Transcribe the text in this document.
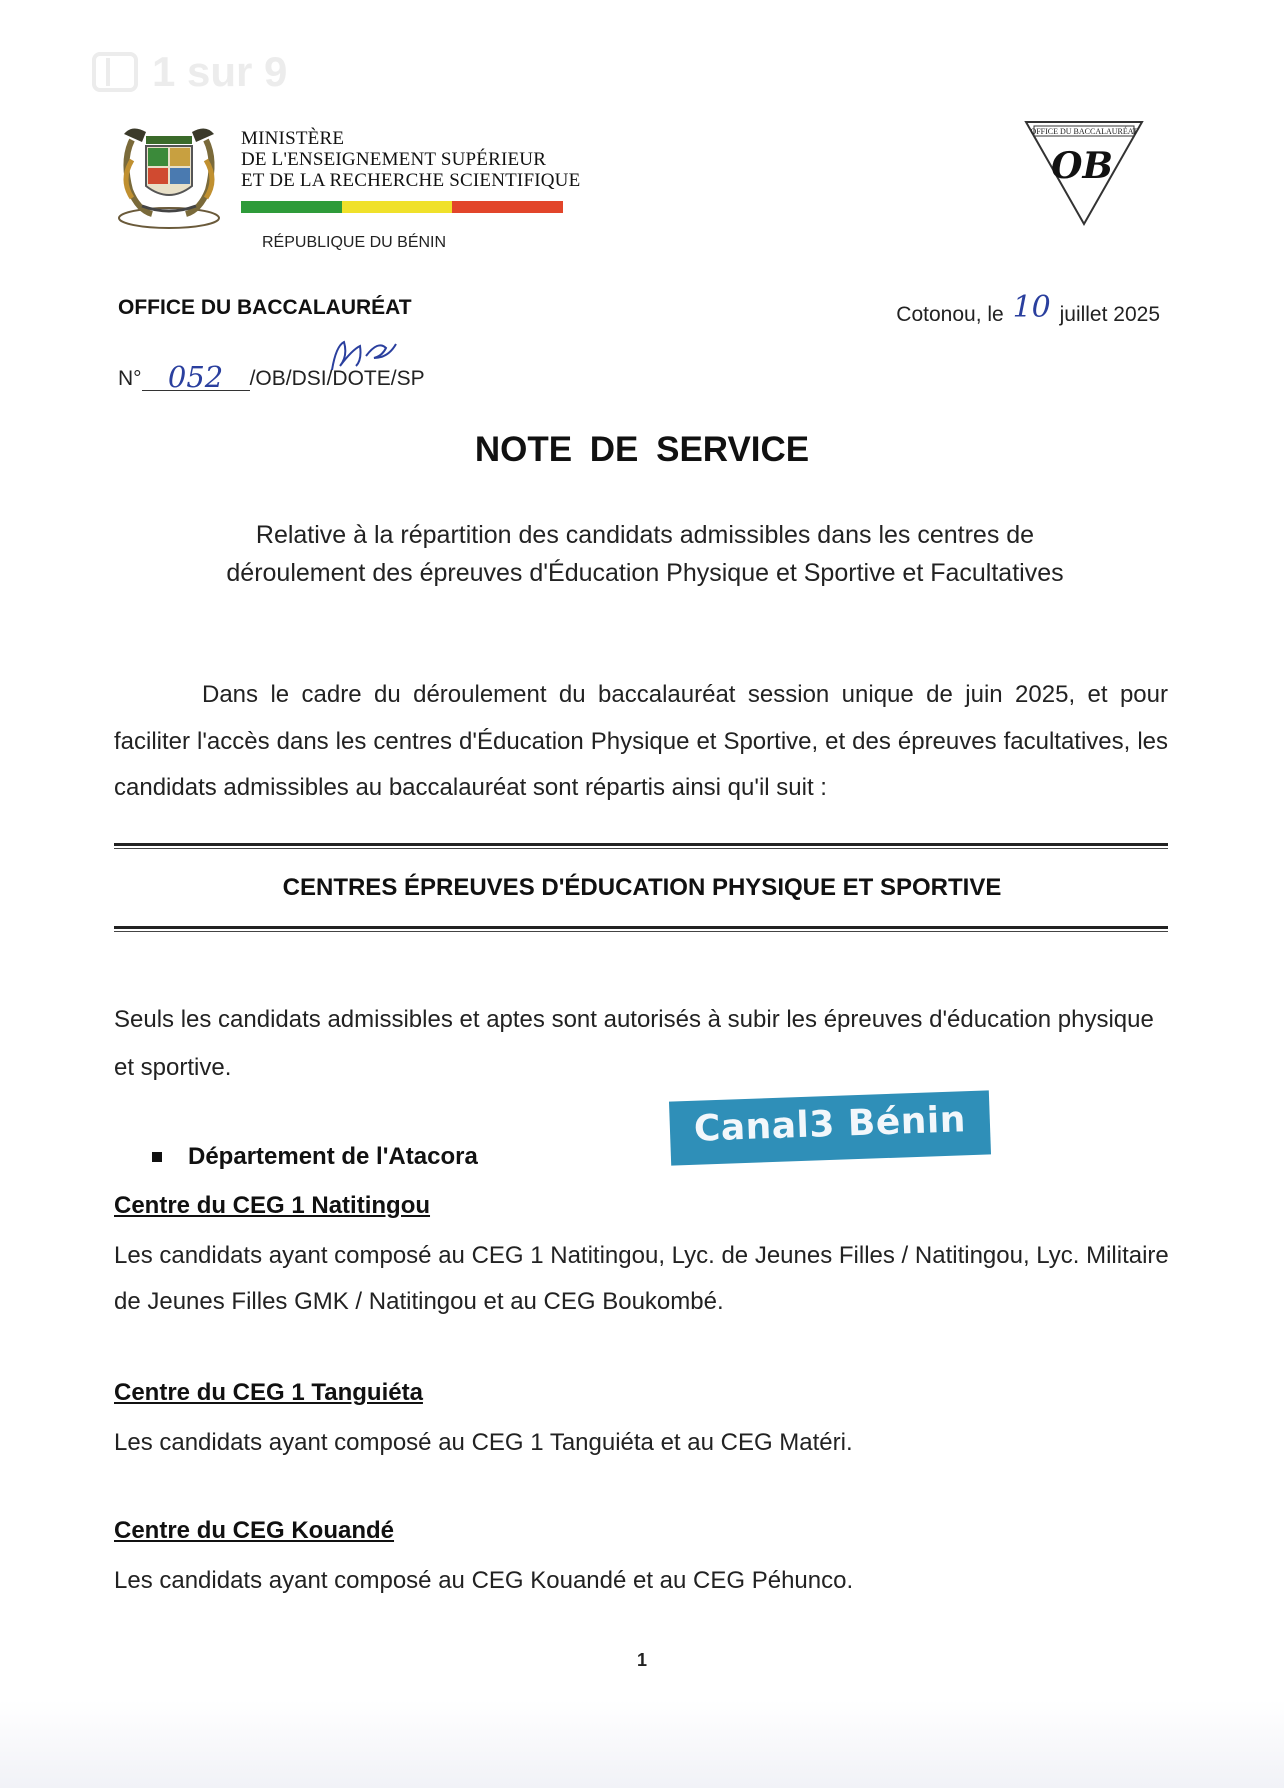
1 sur 9
MINISTÈRE
DE L'ENSEIGNEMENT SUPÉRIEUR
ET DE LA RECHERCHE SCIENTIFIQUE
RÉPUBLIQUE DU BÉNIN
OFFICE DU BACCALAURÉAT
OB
OFFICE DU BACCALAURÉAT	Cotonou, le 10 juillet 2025
N° 052 /OB/DSI/DOTE/SP
NOTE DE SERVICE
Relative à la répartition des candidats admissibles dans les centres de
déroulement des épreuves d'Éducation Physique et Sportive et Facultatives

Dans le cadre du déroulement du baccalauréat session unique de juin 2025, et pour faciliter l'accès dans les centres d'Éducation Physique et Sportive, et des épreuves facultatives, les candidats admissibles au baccalauréat sont répartis ainsi qu'il suit :

CENTRES ÉPREUVES D'ÉDUCATION PHYSIQUE ET SPORTIVE
Seuls les candidats admissibles et aptes sont autorisés à subir les épreuves d'éducation physique et sportive.
Canal3 Bénin
Département de l'Atacora
Centre du CEG 1 Natitingou
Les candidats ayant composé au CEG 1 Natitingou, Lyc. de Jeunes Filles / Natitingou, Lyc. Militaire de Jeunes Filles GMK / Natitingou et au CEG Boukombé.
Centre du CEG 1 Tanguiéta
Les candidats ayant composé au CEG 1 Tanguiéta et au CEG Matéri.
Centre du CEG Kouandé
Les candidats ayant composé au CEG Kouandé et au CEG Péhunco.
1
